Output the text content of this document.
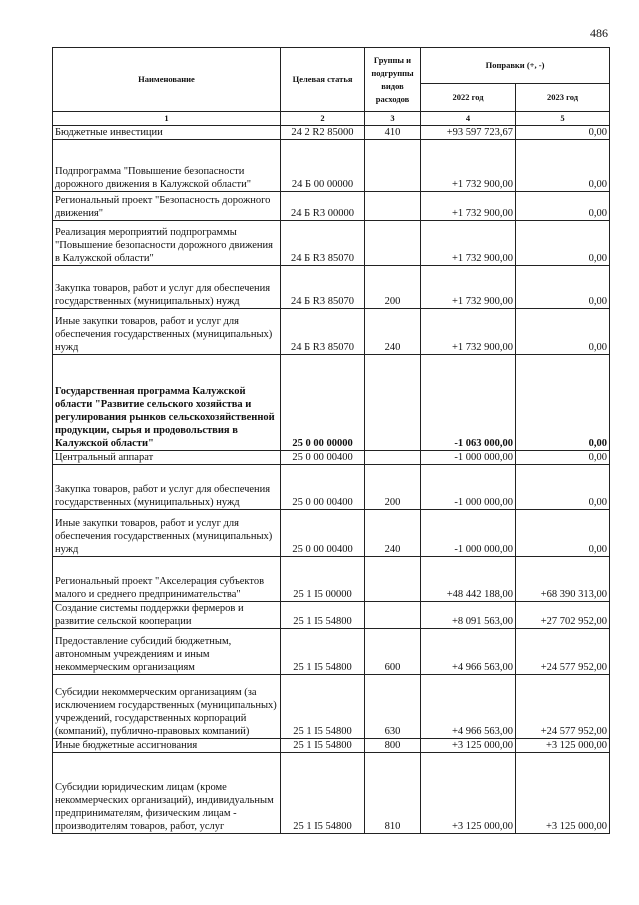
486
Наименование	Целевая статья	Группы и подгруппы видов расходов	Поправки (+, -)	
			2022 год	2023 год
1	2	3	4	5
Бюджетные инвестиции	24 2 R2 85000	410	+93 597 723,67	0,00
Подпрограмма "Повышение безопасности дорожного движения в Калужской области"	24 Б 00 00000		+1 732 900,00	0,00
Региональный проект "Безопасность дорожного движения"	24 Б R3 00000		+1 732 900,00	0,00
Реализация мероприятий подпрограммы "Повышение безопасности дорожного движения в Калужской области"	24 Б R3 85070		+1 732 900,00	0,00
Закупка товаров, работ и услуг для обеспечения государственных (муниципальных) нужд	24 Б R3 85070	200	+1 732 900,00	0,00
Иные закупки товаров, работ и услуг для обеспечения государственных (муниципальных) нужд	24 Б R3 85070	240	+1 732 900,00	0,00
Государственная программа Калужской области "Развитие сельского хозяйства и регулирования рынков сельскохозяйственной продукции, сырья и продовольствия в Калужской области"	25 0 00 00000		-1 063 000,00	0,00
Центральный аппарат	25 0 00 00400		-1 000 000,00	0,00
Закупка товаров, работ и услуг для обеспечения государственных (муниципальных) нужд	25 0 00 00400	200	-1 000 000,00	0,00
Иные закупки товаров, работ и услуг для обеспечения государственных (муниципальных) нужд	25 0 00 00400	240	-1 000 000,00	0,00
Региональный проект "Акселерация субъектов малого и среднего предпринимательства"	25 1 I5 00000		+48 442 188,00	+68 390 313,00
Создание системы поддержки фермеров и развитие сельской кооперации	25 1 I5 54800		+8 091 563,00	+27 702 952,00
Предоставление субсидий бюджетным, автономным учреждениям и иным некоммерческим организациям	25 1 I5 54800	600	+4 966 563,00	+24 577 952,00
Субсидии некоммерческим организациям (за исключением государственных (муниципальных) учреждений, государственных корпораций (компаний), публично-правовых компаний)	25 1 I5 54800	630	+4 966 563,00	+24 577 952,00
Иные бюджетные ассигнования	25 1 I5 54800	800	+3 125 000,00	+3 125 000,00
Субсидии юридическим лицам (кроме некоммерческих организаций), индивидуальным предпринимателям, физическим лицам - производителям товаров, работ, услуг	25 1 I5 54800	810	+3 125 000,00	+3 125 000,00
